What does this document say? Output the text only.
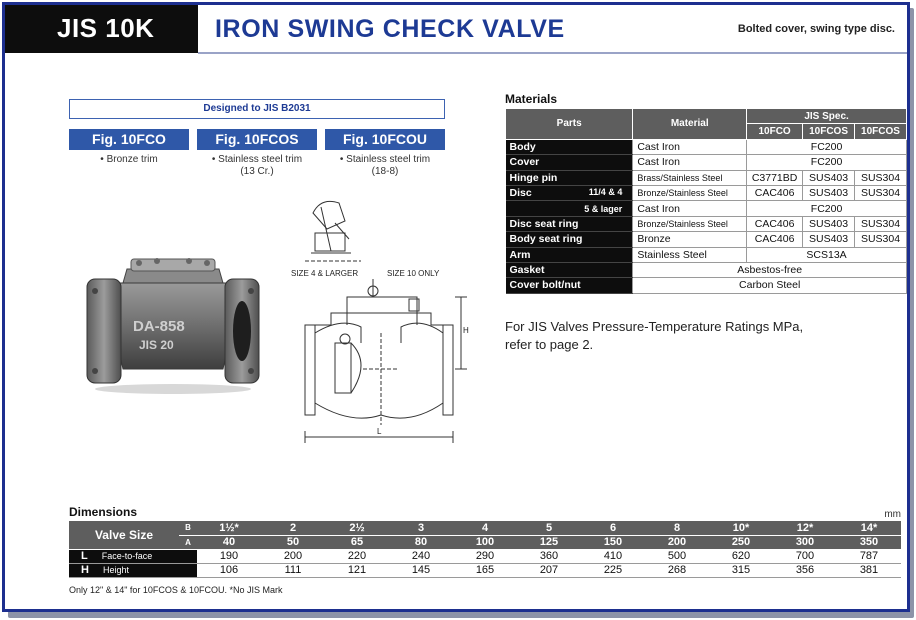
JIS 10K IRON SWING CHECK VALVE	Bolted cover, swing type disc.
Designed to JIS B2031
Fig. 10FCO	Fig. 10FCOS	Fig. 10FCOU
• Bronze trim	• Stainless steel trim
(13 Cr.)
• Stainless steel trim
(18-8)
DA-858
JIS 20
H
L
SIZE 4 & LARGER	SIZE 10 ONLY
Materials
Parts	Material	JIS Spec.		
		10FCO	10FCOS	10FCOS
Body	Cast Iron	FC200		
Cover	Cast Iron	FC200		
Hinge pin	Brass/Stainless Steel	C3771BD	SUS403	SUS304
Disc 11/4 & 4	Bronze/Stainless Steel	CAC406	SUS403	SUS304

5 & lager	Cast Iron	FC200		
Disc seat ring	Bronze/Stainless Steel	CAC406	SUS403	SUS304
Body seat ring	Bronze	CAC406	SUS403	SUS304
Arm	Stainless Steel	SCS13A		
Gasket	Asbestos-free			
Cover bolt/nut	Carbon Steel			
For JIS Valves Pressure-Temperature Ratings MPa,
refer to page 2.
Dimensions	mm
Valve Size	B	1½*	2	2½	3	4	5	6	8	10*	12*	14*
	A	40	50	65	80	100	125	150	200	250	300	350
L Face-to-face		190	200	220	240	290	360	410	500	620	700	787
H Height		106	111	121	145	165	207	225	268	315	356	381
Only 12" & 14" for 10FCOS & 10FCOU. *No JIS Mark
